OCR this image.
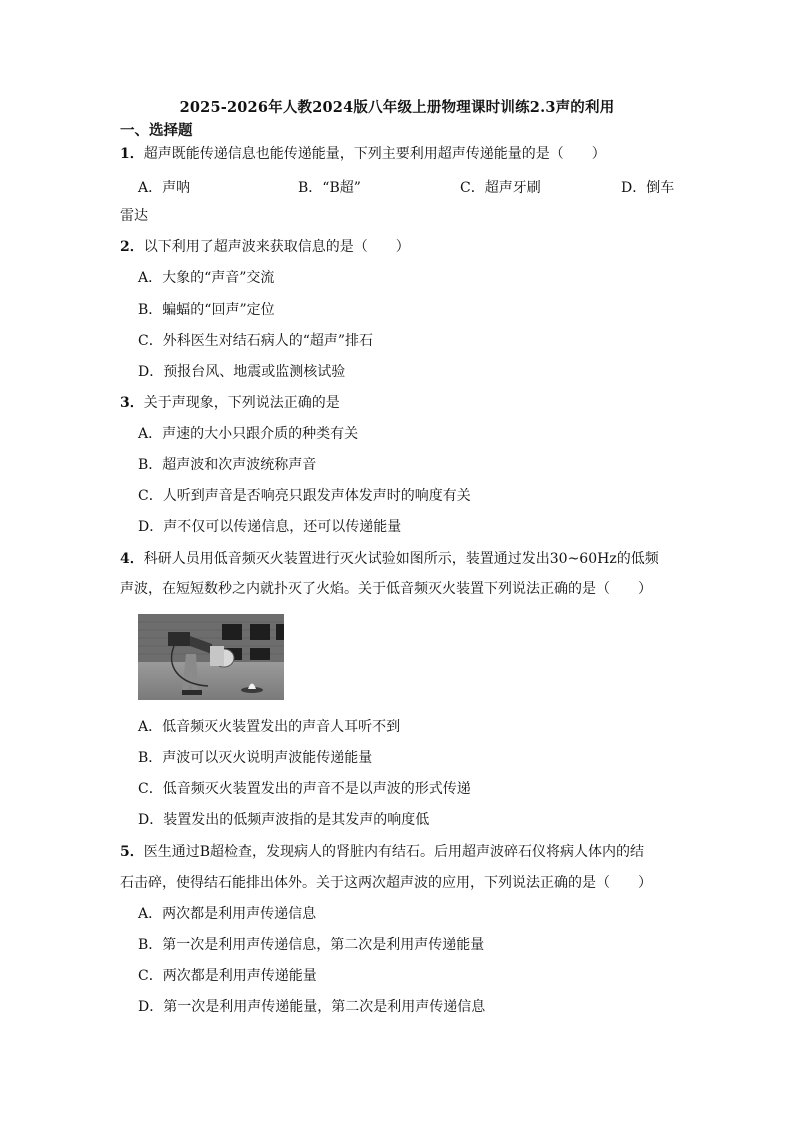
2025-2026年人教2024版八年级上册物理课时训练2.3声的利用
一、选择题
1．超声既能传递信息也能传递能量，下列主要利用超声传递能量的是（　　）
A．声呐	B．“B超”	C．超声牙刷	D．倒车
雷达
2．以下利用了超声波来获取信息的是（　　）
A．大象的“声音”交流
B．蝙蝠的“回声”定位
C．外科医生对结石病人的“超声”排石
D．预报台风、地震或监测核试验
3．关于声现象，下列说法正确的是
A．声速的大小只跟介质的种类有关
B．超声波和次声波统称声音
C．人听到声音是否响亮只跟发声体发声时的响度有关
D．声不仅可以传递信息，还可以传递能量
4．科研人员用低音频灭火装置进行灭火试验如图所示，装置通过发出30~60Hz的低频
声波，在短短数秒之内就扑灭了火焰。关于低音频灭火装置下列说法正确的是（　　）
A．低音频灭火装置发出的声音人耳听不到
B．声波可以灭火说明声波能传递能量
C．低音频灭火装置发出的声音不是以声波的形式传递
D．装置发出的低频声波指的是其发声的响度低
5．医生通过B超检查，发现病人的肾脏内有结石。后用超声波碎石仪将病人体内的结
石击碎，使得结石能排出体外。关于这两次超声波的应用，下列说法正确的是（　　）
A．两次都是利用声传递信息
B．第一次是利用声传递信息，第二次是利用声传递能量
C．两次都是利用声传递能量
D．第一次是利用声传递能量，第二次是利用声传递信息
